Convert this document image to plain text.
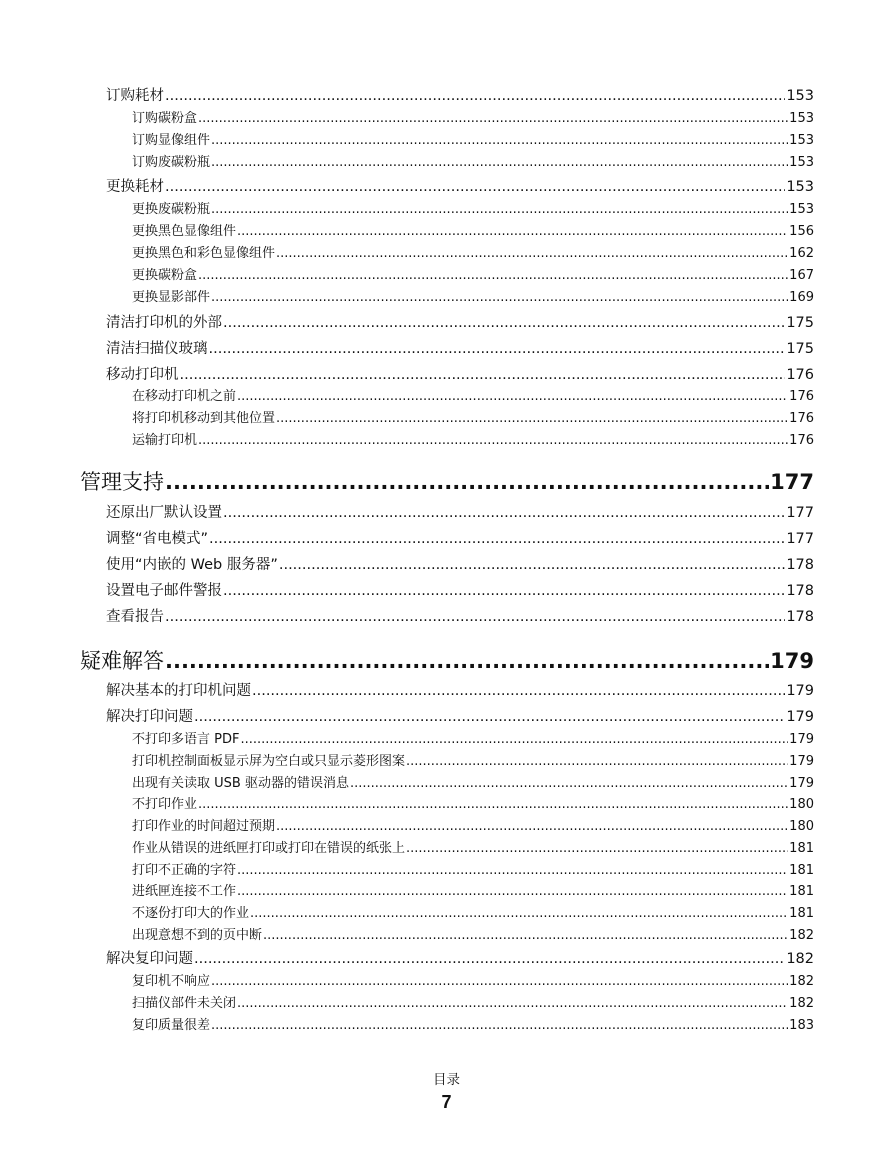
订购耗材 .....	153
订购碳粉盒 .....	153
订购显像组件 .....	153
订购废碳粉瓶 .....	153
更换耗材 .....	153
更换废碳粉瓶 .....	153
更换黑色显像组件 .....	156
更换黑色和彩色显像组件 .....	162
更换碳粉盒 .....	167
更换显影部件 .....	169
清洁打印机的外部 .....	175
清洁扫描仪玻璃 .....	175
移动打印机 .....	176
在移动打印机之前 .....	176
将打印机移动到其他位置 .....	176
运输打印机 .....	176
管理支持 .....	177
还原出厂默认设置 .....	177
调整“省电模式” .....	177
使用“内嵌的 Web 服务器” .....	178
设置电子邮件警报 .....	178
查看报告 .....	178
疑难解答 .....	179
解决基本的打印机问题 .....	179
解决打印问题 .....	179
不打印多语言 PDF .....	179
打印机控制面板显示屏为空白或只显示菱形图案 .....	179
出现有关读取 USB 驱动器的错误消息 .....	179
不打印作业 .....	180
打印作业的时间超过预期 .....	180
作业从错误的进纸匣打印或打印在错误的纸张上 .....	181
打印不正确的字符 .....	181
进纸匣连接不工作 .....	181
不逐份打印大的作业 .....	181
出现意想不到的页中断 .....	182
解决复印问题 .....	182
复印机不响应 .....	182
扫描仪部件未关闭 .....	182
复印质量很差 .....	183
目录
7
